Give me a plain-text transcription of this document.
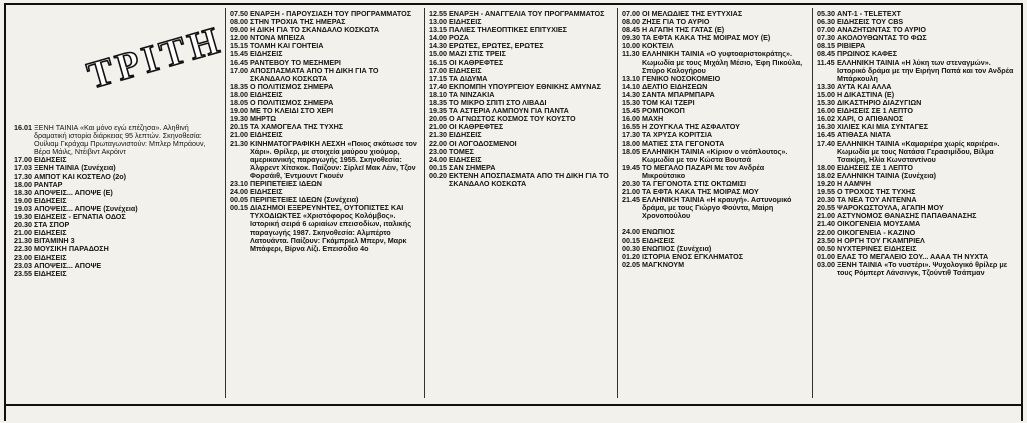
ΤΡΙΤΗ
16.01 ΞΕΝΗ ΤΑΙΝΙΑ «Και μόνο εγώ επέζησα». Αληθινή δραματική ιστορία διάρκειας 95 λεπτών. Σκηνοθεσία: Ουίλιαμ Γκράχαμ Πρωταγωνιστούν: Μπλερ Μπράουν, Βέρα Μάιλς, Ντέιβιντ Ακρόιντ
17.00 ΕΙΔΗΣΕΙΣ
17.03 ΞΕΝΗ ΤΑΙΝΙΑ (Συνέχεια)
17.30 ΑΜΠΟΤ ΚΑΙ ΚΟΣΤΕΛΟ (2ο)
18.00 ΡΑΝΤΑΡ
18.30 ΑΠΟΨΕΙΣ... ΑΠΟΨΕ (Ε)
19.00 ΕΙΔΗΣΕΙΣ
19.03 ΑΠΟΨΕΙΣ... ΑΠΟΨΕ (Συνέχεια)
19.30 ΕΙΔΗΣΕΙΣ - ΕΓΝΑΤΙΑ ΟΔΟΣ
20.30 ΣΤΑ ΣΠΟΡ
21.00 ΕΙΔΗΣΕΙΣ
21.30 ΒΙΤΑΜΙΝΗ 3
22.30 ΜΟΥΣΙΚΗ ΠΑΡΑΔΟΣΗ
23.00 ΕΙΔΗΣΕΙΣ
23.03 ΑΠΟΨΕΙΣ... ΑΠΟΨΕ
23.55 ΕΙΔΗΣΕΙΣ
07.50 ΕΝΑΡΞΗ - ΠΑΡΟΥΣΙΑΣΗ ΤΟΥ ΠΡΟΓΡΑΜΜΑΤΟΣ
08.00 ΣΤΗΝ ΤΡΟΧΙΑ ΤΗΣ ΗΜΕΡΑΣ
09.00 Η ΔΙΚΗ ΓΙΑ ΤΟ ΣΚΑΝΔΑΛΟ ΚΟΣΚΩΤΑ
12.00 ΝΤΟΝΑ ΜΠΕΙΖΑ
15.15 ΤΟΛΜΗ ΚΑΙ ΓΟΗΤΕΙΑ
15.45 ΕΙΔΗΣΕΙΣ
16.45 ΡΑΝΤΕΒΟΥ ΤΟ ΜΕΣΗΜΕΡΙ
17.00 ΑΠΟΣΠΑΣΜΑΤΑ ΑΠΟ ΤΗ ΔΙΚΗ ΓΙΑ ΤΟ ΣΚΑΝΔΑΛΟ ΚΟΣΚΩΤΑ
18.35 Ο ΠΟΛΙΤΙΣΜΟΣ ΣΗΜΕΡΑ
18.00 ΕΙΔΗΣΕΙΣ
18.05 Ο ΠΟΛΙΤΙΣΜΟΣ ΣΗΜΕΡΑ
19.00 ΜΕ ΤΟ ΚΛΕΙΔΙ ΣΤΟ ΧΕΡΙ
19.30 ΜΗΡΤΩ
20.15 ΤΑ ΧΑΜΟΓΕΛΑ ΤΗΣ ΤΥΧΗΣ
21.00 ΕΙΔΗΣΕΙΣ
21.30 ΚΙΝΗΜΑΤΟΓΡΑΦΙΚΗ ΛΕΣΧΗ «Ποιος σκότωσε τον Χάρι». Θρίλερ, με στοιχεία μαύρου χιούμορ, αμερικανικής παραγωγής 1955. Σκηνοθεσία: Άλφρεντ Χίτσκοκ. Παίζουν: Σίρλεϊ Μακ Λέιν, Τζον Φορσάιθ, Έντμουντ Γκουέν
23.10 ΠΕΡΙΠΕΤΕΙΕΣ ΙΔΕΩΝ
24.00 ΕΙΔΗΣΕΙΣ
00.05 ΠΕΡΙΠΕΤΕΙΕΣ ΙΔΕΩΝ (Συνέχεια)
00.15 ΔΙΑΣΗΜΟΙ ΕΞΕΡΕΥΝΗΤΕΣ, ΟΥΤΟΠΙΣΤΕΣ ΚΑΙ ΤΥΧΟΔΙΩΚΤΕΣ «Χριστόφορος Κολόμβος». Ιστορική σειρά 6 ωριαίων επεισοδίων, ιταλικής παραγωγής 1987. Σκηνοθεσία: Αλμπέρτο Λατουάντα. Παίζουν: Γκάμπριελ Μπερν, Μαρκ Μπάφερι, Βίρνα Λίζι. Επεισόδιο 4ο
12.55 ΕΝΑΡΞΗ - ΑΝΑΓΓΕΛΙΑ ΤΟΥ ΠΡΟΓΡΑΜΜΑΤΟΣ
13.00 ΕΙΔΗΣΕΙΣ
13.15 ΠΑΛΙΕΣ ΤΗΛΕΟΠΤΙΚΕΣ ΕΠΙΤΥΧΙΕΣ
14.00 ΡΟΖΑ
14.30 ΕΡΩΤΕΣ, ΕΡΩΤΕΣ, ΕΡΩΤΕΣ
15.00 ΜΑΖΙ ΣΤΙΣ ΤΡΕΙΣ
16.15 ΟΙ ΚΑΘΡΕΦΤΕΣ
17.00 ΕΙΔΗΣΕΙΣ
17.15 ΤΑ ΔΙΔΥΜΑ
17.40 ΕΚΠΟΜΠΗ ΥΠΟΥΡΓΕΙΟΥ ΕΘΝΙΚΗΣ ΑΜΥΝΑΣ
18.10 ΤΑ ΝΙΝΖΑΚΙΑ
18.35 ΤΟ ΜΙΚΡΟ ΣΠΙΤΙ ΣΤΟ ΛΙΒΑΔΙ
19.35 ΤΑ ΑΣΤΕΡΙΑ ΛΑΜΠΟΥΝ ΓΙΑ ΠΑΝΤΑ
20.05 Ο ΑΓΝΩΣΤΟΣ ΚΟΣΜΟΣ ΤΟΥ ΚΟΥΣΤΟ
21.00 ΟΙ ΚΑΘΡΕΦΤΕΣ
21.30 ΕΙΔΗΣΕΙΣ
22.00 ΟΙ ΛΟΓΟΔΟΣΜΕΝΟΙ
23.00 ΤΟΜΕΣ
24.00 ΕΙΔΗΣΕΙΣ
00.15 ΣΑΝ ΣΗΜΕΡΑ
00.20 ΕΚΤΕΝΗ ΑΠΟΣΠΑΣΜΑΤΑ ΑΠΟ ΤΗ ΔΙΚΗ ΓΙΑ ΤΟ ΣΚΑΝΔΑΛΟ ΚΟΣΚΩΤΑ
07.00 ΟΙ ΜΕΛΩΔΙΕΣ ΤΗΣ ΕΥΤΥΧΙΑΣ
08.00 ΖΗΣΕ ΓΙΑ ΤΟ ΑΥΡΙΟ
08.45 Η ΑΓΑΠΗ ΤΗΣ ΓΑΤΑΣ (Ε)
09.30 ΤΑ ΕΦΤΑ ΚΑΚΑ ΤΗΣ ΜΟΙΡΑΣ ΜΟΥ (Ε)
10.00 ΚΟΚΤΕΙΛ
11.30 ΕΛΛΗΝΙΚΗ ΤΑΙΝΙΑ «Ο γυφτοαριστοκράτης». Κωμωδία με τους Μιχάλη Μέσιο, Έφη Πικούλα, Σπύρο Καλογήρου
13.10 ΓΕΝΙΚΟ ΝΟΣΟΚΟΜΕΙΟ
14.10 ΔΕΛΤΙΟ ΕΙΔΗΣΕΩΝ
14.30 ΣΑΝΤΑ ΜΠΑΡΜΠΑΡΑ
15.30 ΤΟΜ ΚΑΙ ΤΖΕΡΙ
15.45 ΡΟΜΠΟΚΟΠ
16.00 ΜΑΧΗ
16.55 Η ΖΟΥΓΚΛΑ ΤΗΣ ΑΣΦΑΛΤΟΥ
17.30 ΤΑ ΧΡΥΣΑ ΚΟΡΙΤΣΙΑ
18.00 ΜΑΤΙΕΣ ΣΤΑ ΓΕΓΟΝΟΤΑ
18.05 ΕΛΛΗΝΙΚΗ ΤΑΙΝΙΑ «Κίριον ο νεόπλουτος». Κωμωδία με τον Κώστα Βουτσά
19.45 ΤΟ ΜΕΓΑΛΟ ΠΑΖΑΡΙ Με τον Ανδρέα Μικρούτσικο
20.30 ΤΑ ΓΕΓΟΝΟΤΑ ΣΤΙΣ ΟΚΤΩΜΙΣΙ
21.00 ΤΑ ΕΦΤΑ ΚΑΚΑ ΤΗΣ ΜΟΙΡΑΣ ΜΟΥ
21.45 ΕΛΛΗΝΙΚΗ ΤΑΙΝΙΑ «Η κραυγή». Αστυνομικό δράμα, με τους Γιώργο Φούντα, Μαίρη Χρονοπούλου
24.00 ΕΝΩΠΙΟΣ
00.15 ΕΙΔΗΣΕΙΣ
00.30 ΕΝΩΠΙΟΣ (Συνέχεια)
01.20 ΙΣΤΟΡΙΑ ΕΝΟΣ ΕΓΚΛΗΜΑΤΟΣ
02.05 ΜΑΓΚΝΟΥΜ
05.30 ΑΝΤ-1 - TELETEXT
06.30 ΕΙΔΗΣΕΙΣ ΤΟΥ CBS
07.00 ΑΝΑΖΗΤΩΝΤΑΣ ΤΟ ΑΥΡΙΟ
07.30 ΑΚΟΛΟΥΘΩΝΤΑΣ ΤΟ ΦΩΣ
08.15 ΡΙΒΙΕΡΑ
08.45 ΠΡΩΙΝΟΣ ΚΑΦΕΣ
11.45 ΕΛΛΗΝΙΚΗ ΤΑΙΝΙΑ «Η λύκη των στεναγμών». Ιστορικό δράμα με την Ειρήνη Παπά και τον Ανδρέα Μπάρκουλη
13.30 ΑΥΤΑ ΚΑΙ ΑΛΛΑ
15.00 Η ΔΙΚΑΣΤΙΝΑ (Ε)
15.30 ΔΙΚΑΣΤΗΡΙΟ ΔΙΑΖΥΓΙΩΝ
16.00 ΕΙΔΗΣΕΙΣ ΣΕ 1 ΛΕΠΤΟ
16.02 ΧΑΡΙ, Ο ΑΠΙΘΑΝΟΣ
16.30 ΧΙΛΙΕΣ ΚΑΙ ΜΙΑ ΣΥΝΤΑΓΕΣ
16.45 ΑΤΙΘΑΣΑ ΝΙΑΤΑ
17.40 ΕΛΛΗΝΙΚΗ ΤΑΙΝΙΑ «Καμαριέρα χωρίς καριέρα». Κωμωδία με τους Νατάσα Γερασιμίδου, Βίλμα Τσακίρη, Ηλία Κωνσταντίνου
18.00 ΕΙΔΗΣΕΙΣ ΣΕ 1 ΛΕΠΤΟ
18.02 ΕΛΛΗΝΙΚΗ ΤΑΙΝΙΑ (Συνέχεια)
19.20 Η ΛΑΜΨΗ
19.55 Ο ΤΡΟΧΟΣ ΤΗΣ ΤΥΧΗΣ
20.30 ΤΑ ΝΕΑ ΤΟΥ ΑΝΤΕΝΝΑ
20.55 ΨΑΡΟΚΩΣΤΟΥΛΑ, ΑΓΑΠΗ ΜΟΥ
21.00 ΑΣΤΥΝΟΜΟΣ ΘΑΝΑΣΗΣ ΠΑΠΑΘΑΝΑΣΗΣ
21.40 ΟΙΚΟΓΕΝΕΙΑ ΜΟΥΣΑΜΑ
22.00 ΟΙΚΟΓΕΝΕΙΑ - ΚΑΖΙΝΟ
23.50 Η ΟΡΓΗ ΤΟΥ ΓΚΑΜΠΡΙΕΛ
00.50 ΝΥΧΤΕΡΙΝΕΣ ΕΙΔΗΣΕΙΣ
01.00 ΕΛΑΣ ΤΟ ΜΕΓΑΛΕΙΟ ΣΟΥ... ΑΑΑΑ ΤΗ ΝΥΧΤΑ
03.00 ΞΕΝΗ ΤΑΙΝΙΑ «Το νυστέρι». Ψυχολογικό θρίλερ με τους Ρόμπερτ Λάνσινγκ, Τζούντιθ Τσάπμαν
